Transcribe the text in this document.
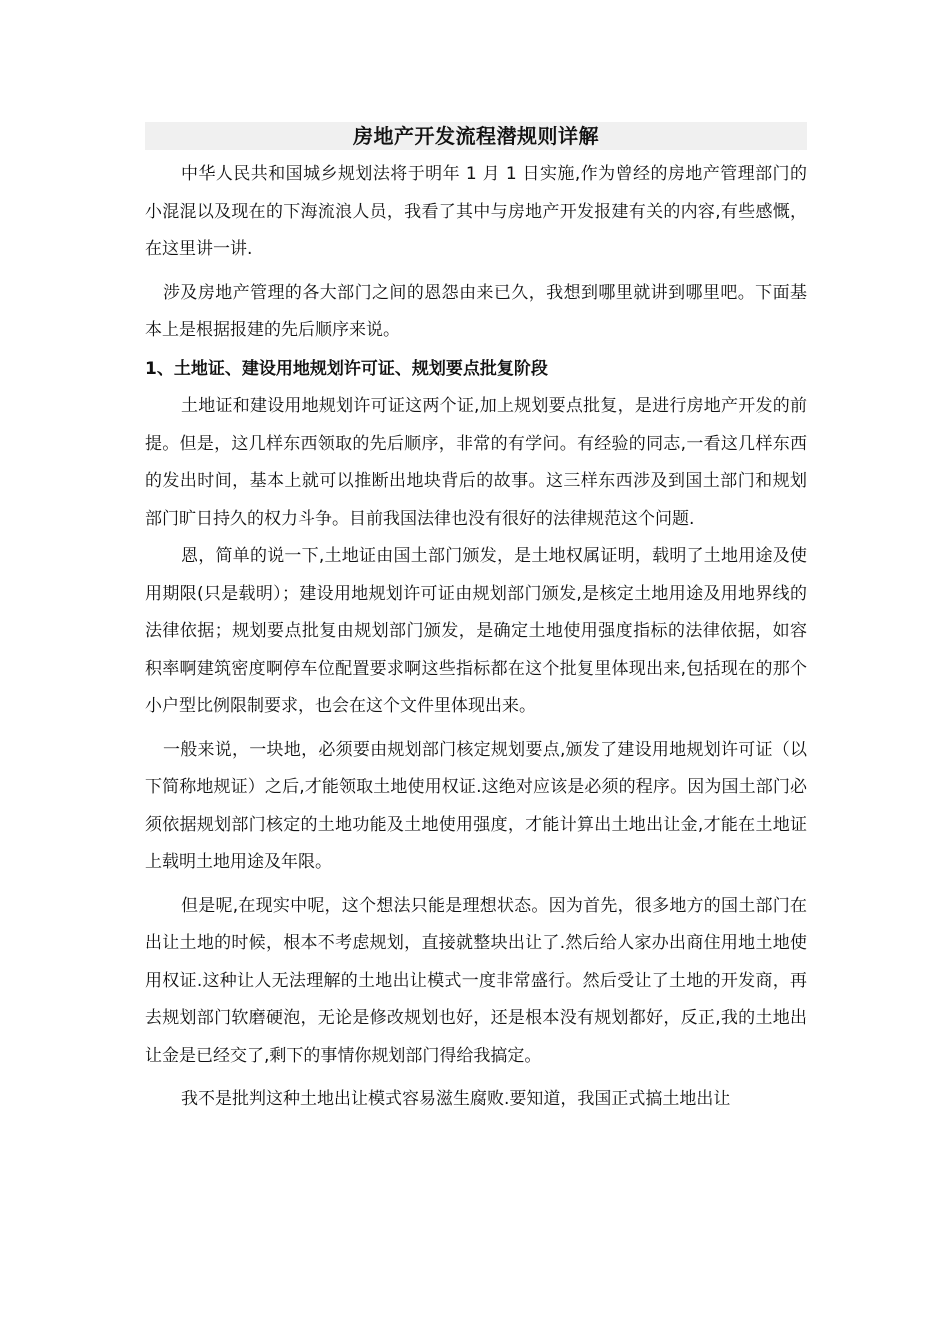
房地产开发流程潜规则详解

中华人民共和国城乡规划法将于明年 1 月 1 日实施,作为曾经的房地产管理部门的小混混以及现在的下海流浪人员，我看了其中与房地产开发报建有关的内容,有些感慨，在这里讲一讲.

涉及房地产管理的各大部门之间的恩怨由来已久，我想到哪里就讲到哪里吧。下面基本上是根据报建的先后顺序来说。

1、土地证、建设用地规划许可证、规划要点批复阶段

土地证和建设用地规划许可证这两个证,加上规划要点批复，是进行房地产开发的前提。但是，这几样东西领取的先后顺序，非常的有学问。有经验的同志,一看这几样东西的发出时间，基本上就可以推断出地块背后的故事。这三样东西涉及到国土部门和规划部门旷日持久的权力斗争。目前我国法律也没有很好的法律规范这个问题.

恩，简单的说一下,土地证由国土部门颁发，是土地权属证明，载明了土地用途及使用期限(只是载明）；建设用地规划许可证由规划部门颁发,是核定土地用途及用地界线的法律依据；规划要点批复由规划部门颁发，是确定土地使用强度指标的法律依据，如容积率啊建筑密度啊停车位配置要求啊这些指标都在这个批复里体现出来,包括现在的那个小户型比例限制要求，也会在这个文件里体现出来。

一般来说，一块地，必须要由规划部门核定规划要点,颁发了建设用地规划许可证（以下简称地规证）之后,才能领取土地使用权证.这绝对应该是必须的程序。因为国土部门必须依据规划部门核定的土地功能及土地使用强度，才能计算出土地出让金,才能在土地证上载明土地用途及年限。

但是呢,在现实中呢，这个想法只能是理想状态。因为首先，很多地方的国土部门在出让土地的时候，根本不考虑规划，直接就整块出让了.然后给人家办出商住用地土地使用权证.这种让人无法理解的土地出让模式一度非常盛行。然后受让了土地的开发商，再去规划部门软磨硬泡，无论是修改规划也好，还是根本没有规划都好，反正,我的土地出让金是已经交了,剩下的事情你规划部门得给我搞定。

我不是批判这种土地出让模式容易滋生腐败.要知道，我国正式搞土地出让
